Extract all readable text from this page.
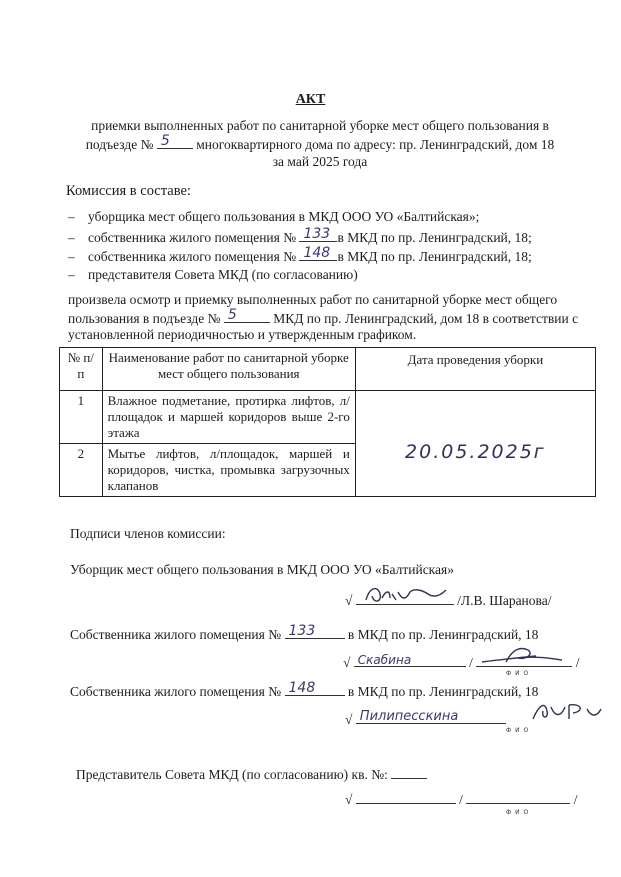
АКТ
приемки выполненных работ по санитарной уборке мест общего пользования в
подъезде № 5 многоквартирного дома по адресу: пр. Ленинградский, дом 18
за май 2025 года
Комиссия в составе:
– уборщика мест общего пользования в МКД ООО УО «Балтийская»;
– собственника жилого помещения № 133 в МКД по пр. Ленинградский, 18;
– собственника жилого помещения № 148 в МКД по пр. Ленинградский, 18;
– представителя Совета МКД (по согласованию)
произвела осмотр и приемку выполненных работ по санитарной уборке мест общего
пользования в подъезде № 5	МКД по пр. Ленинградский, дом 18 в соответствии с
установленной периодичностью и утвержденным графиком.
№ п/п	Наименование работ по санитарной уборке мест общего пользования	Дата проведения уборки
1	Влажное подметание, протирка лифтов, л/площадок и маршей коридоров выше 2-го этажа	20.05.2025г
2	Мытье лифтов, л/площадок, маршей и коридоров, чистка, промывка загрузочных клапанов	
Подписи членов комиссии:
Уборщик мест общего пользования в МКД ООО УО «Балтийская»
√	/Л.В. Шаранова/
Собственника жилого помещения № 133 в МКД по пр. Ленинградский, 18
√ Скабина	/	/
Ф И О
Собственника жилого помещения № 148 в МКД по пр. Ленинградский, 18
√ Пилипесскина
Ф И О
Представитель Совета МКД (по согласованию) кв. №:
√	/	/
Ф И О
